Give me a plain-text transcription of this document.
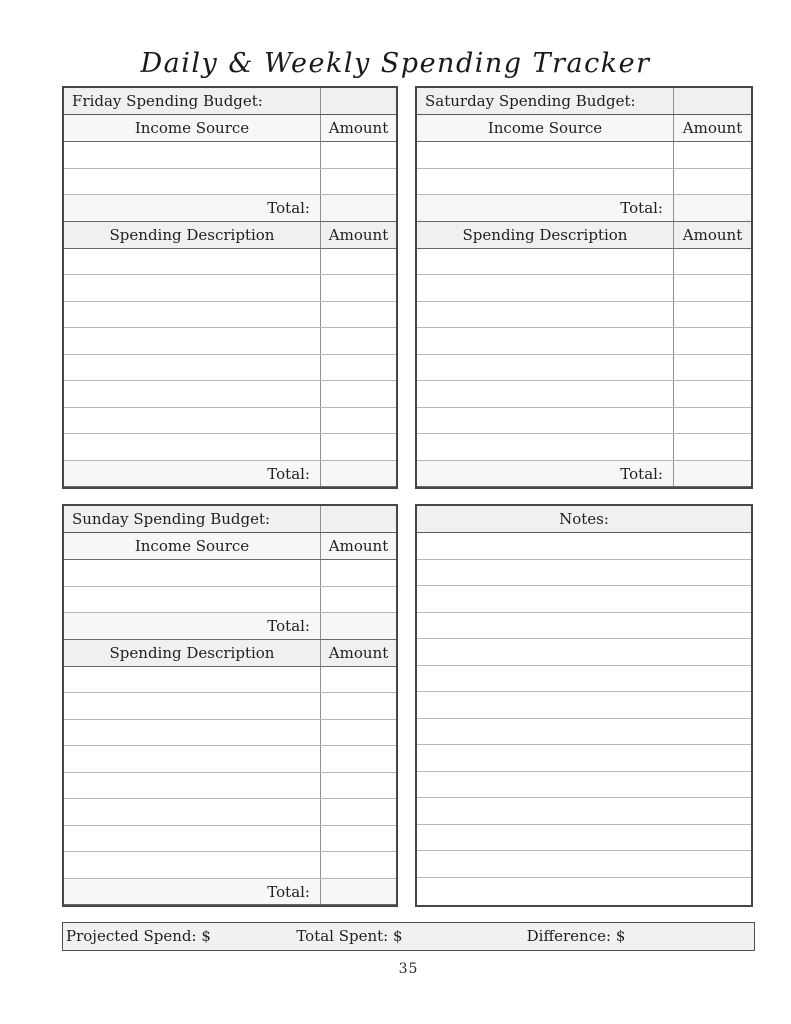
Daily & Weekly Spending Tracker
Friday Spending Budget:
Income Source	Amount
Total:
Spending Description	Amount
Total:
Saturday Spending Budget:
Income Source	Amount
Total:
Spending Description	Amount
Total:
Sunday Spending Budget:
Income Source	Amount
Total:
Spending Description	Amount
Total:
Notes:
Projected Spend: $	Total Spent: $	Difference: $
35
